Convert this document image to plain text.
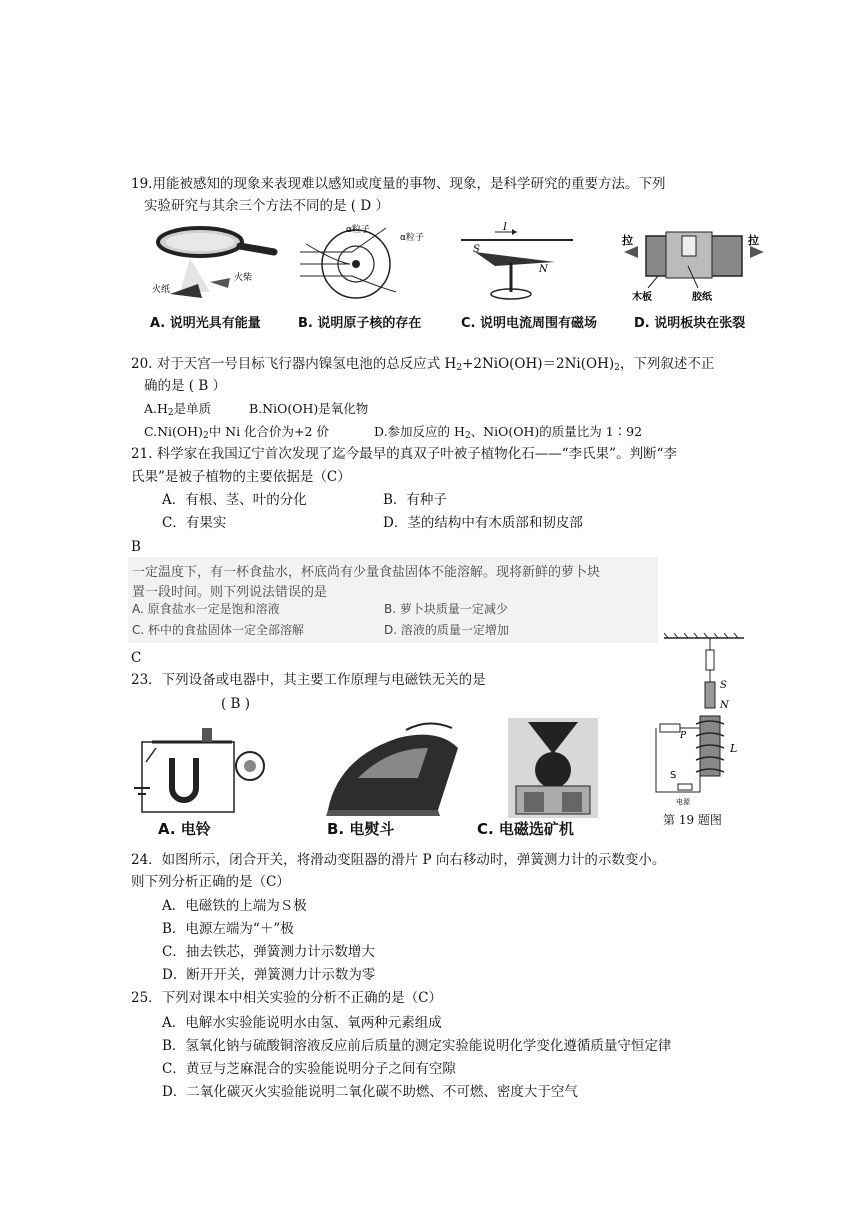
19.用能被感知的现象来表现难以感知或度量的事物、现象，是科学研究的重要方法。下列
实验研究与其余三个方法不同的是 ( D ）
火纸
火柴
A. 说明光具有能量
α粒子
α粒子
B. 说明原子核的存在
I
S
N
C. 说明电流周围有磁场
拉	拉
木板	胶纸
D. 说明板块在张裂
20. 对于天宫一号目标飞行器内镍氢电池的总反应式 $H_2+2NiO(OH)=2Ni(OH)_2$，下列叙述不正
确的是 ( B ）
$A.H_2$是单质	B.NiO(OH)是氧化物
$C.Ni(OH)_2$中 Ni 化合价为+2 价	D.参加反应的 $H_2$、NiO(OH)的质量比为 1∶92
21. 科学家在我国辽宁首次发现了迄今最早的真双子叶被子植物化石——“李氏果”。判断“李
氏果”是被子植物的主要依据是（C）
A．有根、茎、叶的分化	B．有种子
C．有果实	D．茎的结构中有木质部和韧皮部
B
一定温度下，有一杯食盐水，杯底尚有少量食盐固体不能溶解。现将新鲜的萝卜块
置一段时间。则下列说法错误的是
A. 原食盐水一定是饱和溶液	B. 萝卜块质量一定减少
C. 杯中的食盐固体一定全部溶解	D. 溶液的质量一定增加
C
23．下列设备或电器中，其主要工作原理与电磁铁无关的是
( B )
A. 电铃	B. 电熨斗	C. 电磁选矿机
S
N
L
P
S
电源
第 19 题图
24．如图所示，闭合开关，将滑动变阻器的滑片 P 向右移动时，弹簧测力计的示数变小。
则下列分析正确的是（C）
A．电磁铁的上端为Ｓ极
B．电源左端为“＋”极
C．抽去铁芯，弹簧测力计示数增大
D．断开开关，弹簧测力计示数为零
25．下列对课本中相关实验的分析不正确的是（C）
A．电解水实验能说明水由氢、氧两种元素组成
B．氢氧化钠与硫酸铜溶液反应前后质量的测定实验能说明化学变化遵循质量守恒定律
C．黄豆与芝麻混合的实验能说明分子之间有空隙
D．二氧化碳灭火实验能说明二氧化碳不助燃、不可燃、密度大于空气
